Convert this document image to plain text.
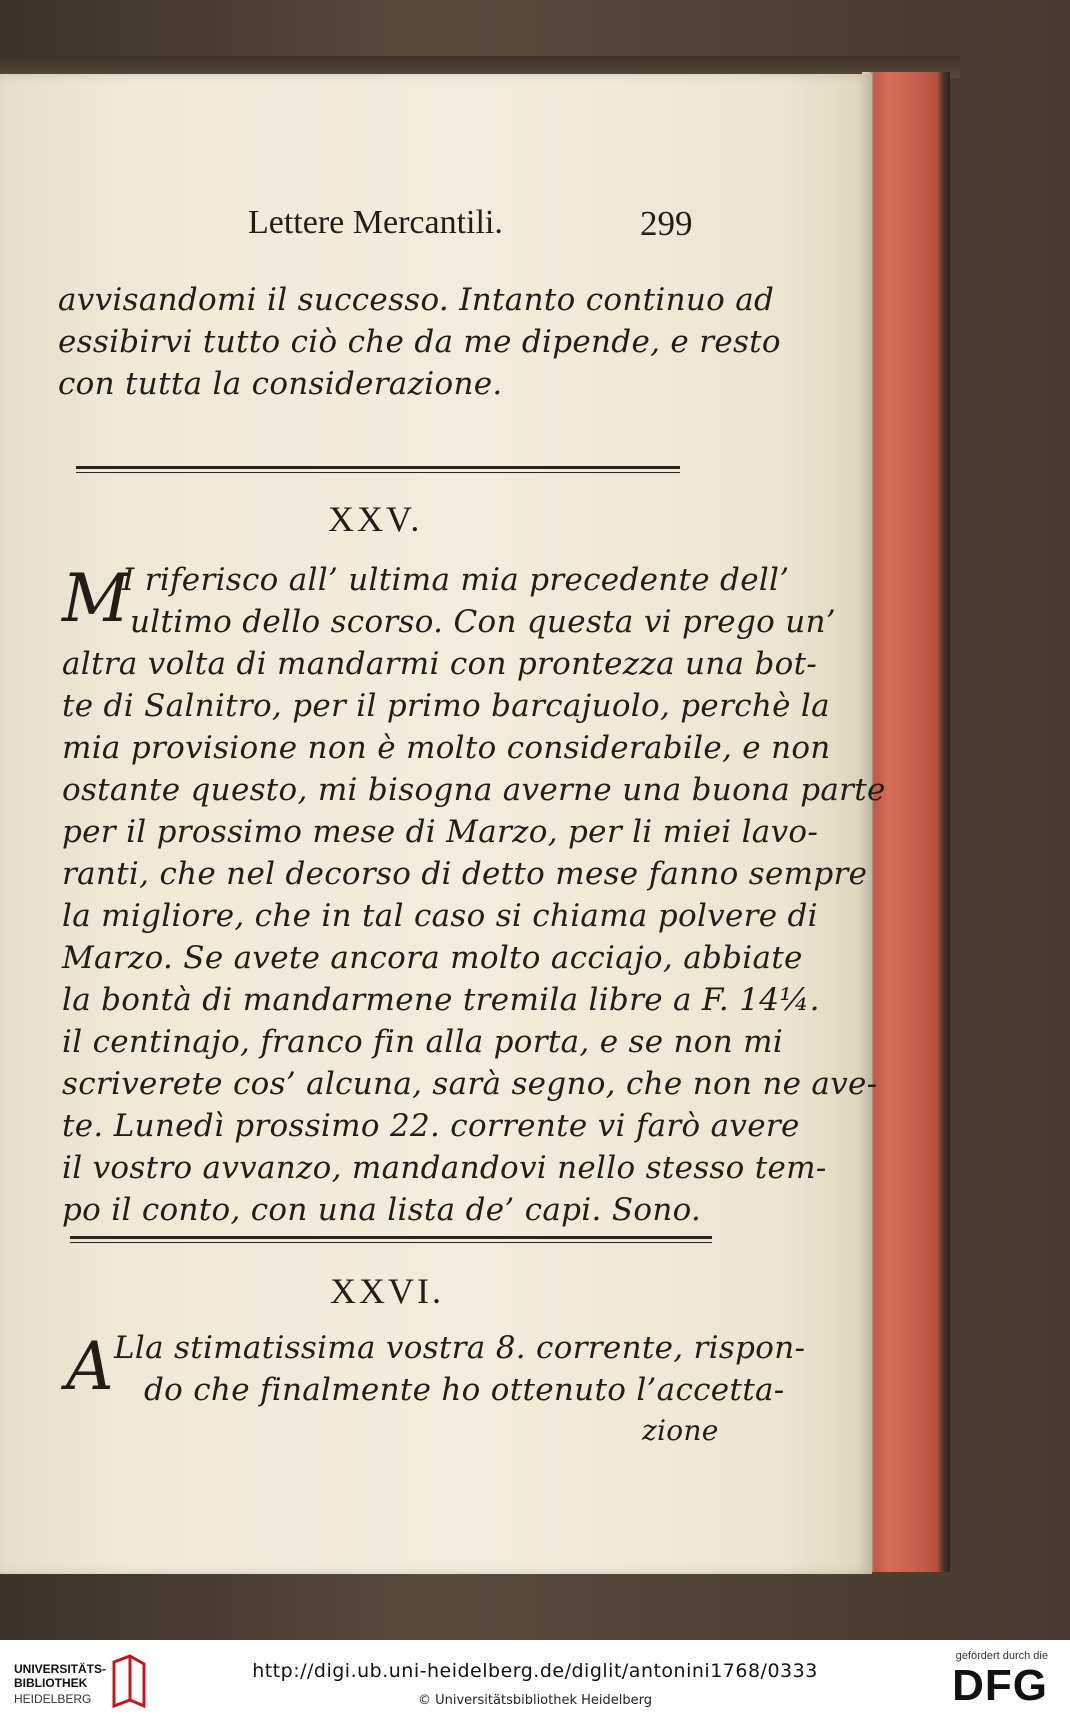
Lettere Mercantili.	299
avvisandomi il successo. Intanto continuo ad
essibirvi tutto ciò che da me dipende, e resto
con tutta la considerazione.
XXV.
M
I riferisco all’ ultima mia precedente dell’
ultimo dello scorso. Con questa vi prego un’
altra volta di mandarmi con prontezza una bot-
te di Salnitro, per il primo barcajuolo, perchè la
mia provisione non è molto considerabile, e non
ostante questo, mi bisogna averne una buona parte
per il prossimo mese di Marzo, per li miei lavo-
ranti, che nel decorso di detto mese fanno sempre
la migliore, che in tal caso si chiama polvere di
Marzo. Se avete ancora molto acciajo, abbiate
la bontà di mandarmene tremila libre a F. 14¼.
il centinajo, franco fin alla porta, e se non mi
scriverete cos’ alcuna, sarà segno, che non ne ave-
te. Lunedì prossimo 22. corrente vi farò avere
il vostro avvanzo, mandandovi nello stesso tem-
po il conto, con una lista de’ capi. Sono.
XXVI.
A Lla stimatissima vostra 8. corrente, rispon-
do che finalmente ho ottenuto l’accetta-
zione
UNIVERSITÄTS-
BIBLIOTHEK
HEIDELBERG
http://digi.ub.uni-heidelberg.de/diglit/antonini1768/0333
© Universitätsbibliothek Heidelberg
gefördert durch die
DFG
